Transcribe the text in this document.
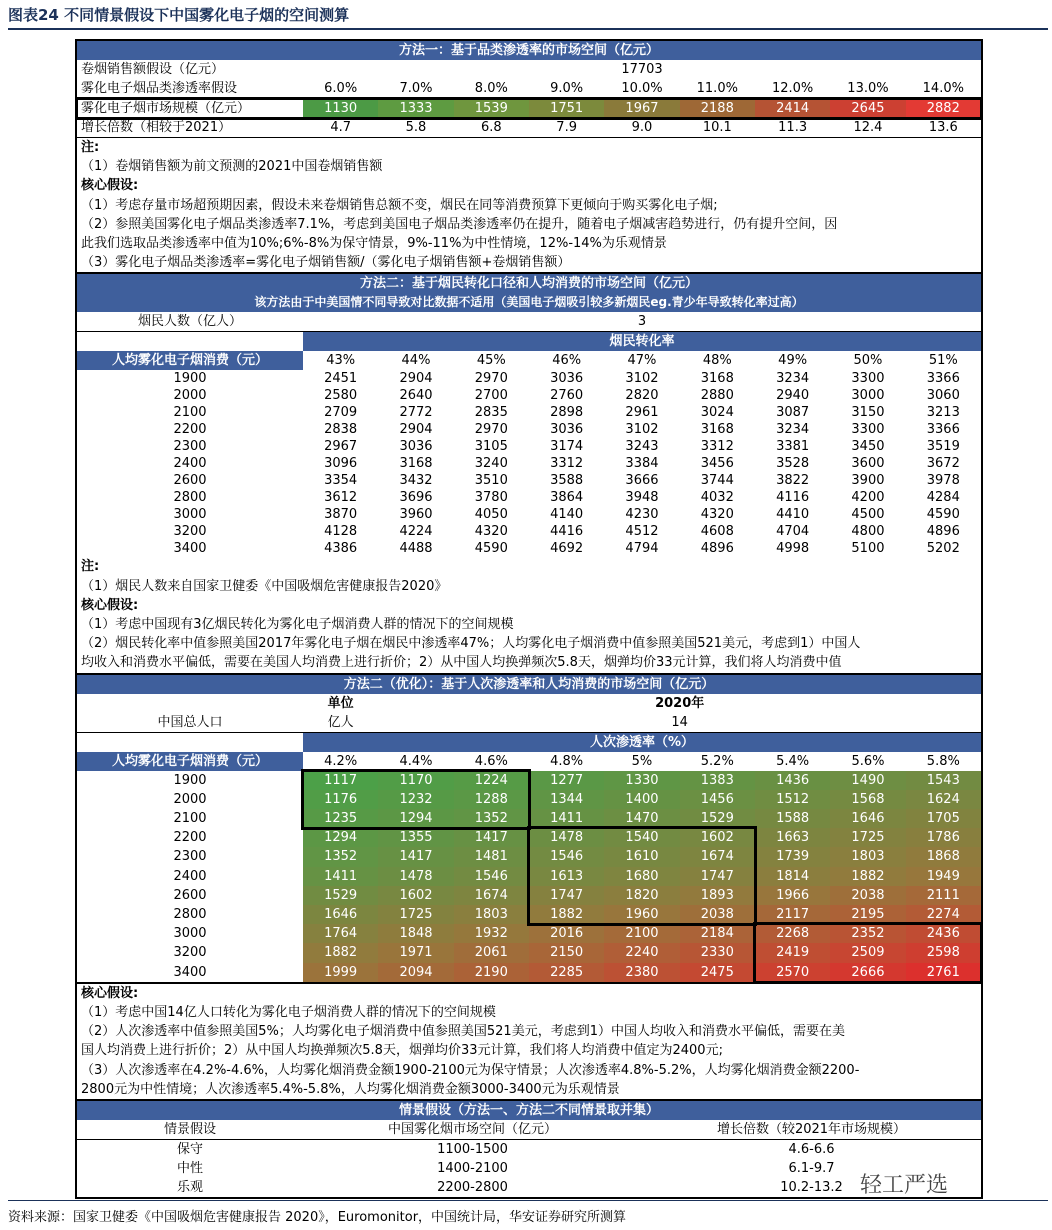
图表24 不同情景假设下中国雾化电子烟的空间测算
方法一：基于品类渗透率的市场空间（亿元）									
卷烟销售额假设（亿元）	17703								
雾化电子烟品类渗透率假设	6.0%	7.0%	8.0%	9.0%	10.0%	11.0%	12.0%	13.0%	14.0%
雾化电子烟市场规模（亿元）	1130	1333	1539	1751	1967	2188	2414	2645	2882
增长倍数（相较于2021）	4.7	5.8	6.8	7.9	9.0	10.1	11.3	12.4	13.6
注:
（1）卷烟销售额为前文预测的2021中国卷烟销售额
核心假设:
（1）考虑存量市场超预期因素，假设未来卷烟销售总额不变，烟民在同等消费预算下更倾向于购买雾化电子烟;
（2）参照美国雾化电子烟品类渗透率7.1%，考虑到美国电子烟品类渗透率仍在提升，随着电子烟减害趋势进行，仍有提升空间，因
此我们选取品类渗透率中值为10%;6%-8%为保守情景，9%-11%为中性情境，12%-14%为乐观情景
（3）雾化电子烟品类渗透率=雾化电子烟销售额/（雾化电子烟销售额+卷烟销售额）
方法二：基于烟民转化口径和人均消费的市场空间（亿元）									
该方法由于中美国情不同导致对比数据不适用（美国电子烟吸引较多新烟民eg.青少年导致转化率过高）									
烟民人数（亿人）	3								
	烟民转化率								
人均雾化电子烟消费（元）	43%	44%	45%	46%	47%	48%	49%	50%	51%
1900	2451	2904	2970	3036	3102	3168	3234	3300	3366
2000	2580	2640	2700	2760	2820	2880	2940	3000	3060
2100	2709	2772	2835	2898	2961	3024	3087	3150	3213
2200	2838	2904	2970	3036	3102	3168	3234	3300	3366
2300	2967	3036	3105	3174	3243	3312	3381	3450	3519
2400	3096	3168	3240	3312	3384	3456	3528	3600	3672
2600	3354	3432	3510	3588	3666	3744	3822	3900	3978
2800	3612	3696	3780	3864	3948	4032	4116	4200	4284
3000	3870	3960	4050	4140	4230	4320	4410	4500	4590
3200	4128	4224	4320	4416	4512	4608	4704	4800	4896
3400	4386	4488	4590	4692	4794	4896	4998	5100	5202
注:
（1）烟民人数来自国家卫健委《中国吸烟危害健康报告2020》
核心假设:
（1）考虑中国现有3亿烟民转化为雾化电子烟消费人群的情况下的空间规模
（2）烟民转化率中值参照美国2017年雾化电子烟在烟民中渗透率47%；人均雾化电子烟消费中值参照美国521美元，考虑到1）中国人
均收入和消费水平偏低，需要在美国人均消费上进行折价；2）从中国人均换弹频次5.8天，烟弹均价33元计算，我们将人均消费中值
方法二（优化）：基于人次渗透率和人均消费的市场空间（亿元）									
	单位	2020年							
中国总人口	亿人	14							
	人次渗透率（%）								
人均雾化电子烟消费（元）	4.2%	4.4%	4.6%	4.8%	5%	5.2%	5.4%	5.6%	5.8%
1900	1117	1170	1224	1277	1330	1383	1436	1490	1543
2000	1176	1232	1288	1344	1400	1456	1512	1568	1624
2100	1235	1294	1352	1411	1470	1529	1588	1646	1705
2200	1294	1355	1417	1478	1540	1602	1663	1725	1786
2300	1352	1417	1481	1546	1610	1674	1739	1803	1868
2400	1411	1478	1546	1613	1680	1747	1814	1882	1949
2600	1529	1602	1674	1747	1820	1893	1966	2038	2111
2800	1646	1725	1803	1882	1960	2038	2117	2195	2274
3000	1764	1848	1932	2016	2100	2184	2268	2352	2436
3200	1882	1971	2061	2150	2240	2330	2419	2509	2598
3400	1999	2094	2190	2285	2380	2475	2570	2666	2761
核心假设:
（1）考虑中国14亿人口转化为雾化电子烟消费人群的情况下的空间规模
（2）人次渗透率中值参照美国5%；人均雾化电子烟消费中值参照美国521美元，考虑到1）中国人均收入和消费水平偏低，需要在美
国人均消费上进行折价；2）从中国人均换弹频次5.8天，烟弹均价33元计算，我们将人均消费中值定为2400元;
（3）人次渗透率在4.2%-4.6%，人均雾化烟消费金额1900-2100元为保守情景；人次渗透率4.8%-5.2%，人均雾化烟消费金额2200-
2800元为中性情境；人次渗透率5.4%-5.8%，人均雾化烟消费金额3000-3400元为乐观情景
情景假设（方法一、方法二不同情景取并集）		
情景假设	中国雾化烟市场空间（亿元）	增长倍数（较2021年市场规模）
保守	1100-1500	4.6-6.6
中性	1400-2100	6.1-9.7
乐观	2200-2800	10.2-13.2 轻工严选
资料来源：国家卫健委《中国吸烟危害健康报告 2020》，Euromonitor，中国统计局，华安证券研究所测算
